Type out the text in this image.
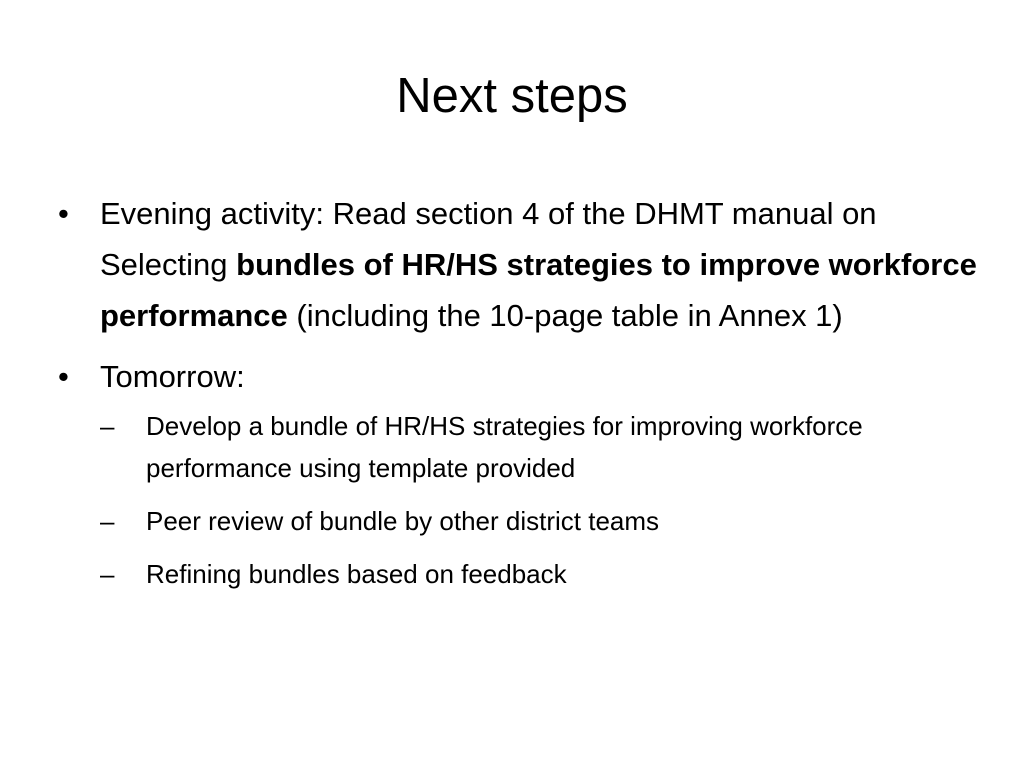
Next steps
•	Evening activity: Read section 4 of the DHMT manual on Selecting bundles of HR/HS strategies to improve workforce performance (including the 10-page table in Annex 1)
•	Tomorrow:
–	Develop a bundle of HR/HS strategies for improving workforce performance using template provided
–	Peer review of bundle by other district teams
–	Refining bundles based on feedback
